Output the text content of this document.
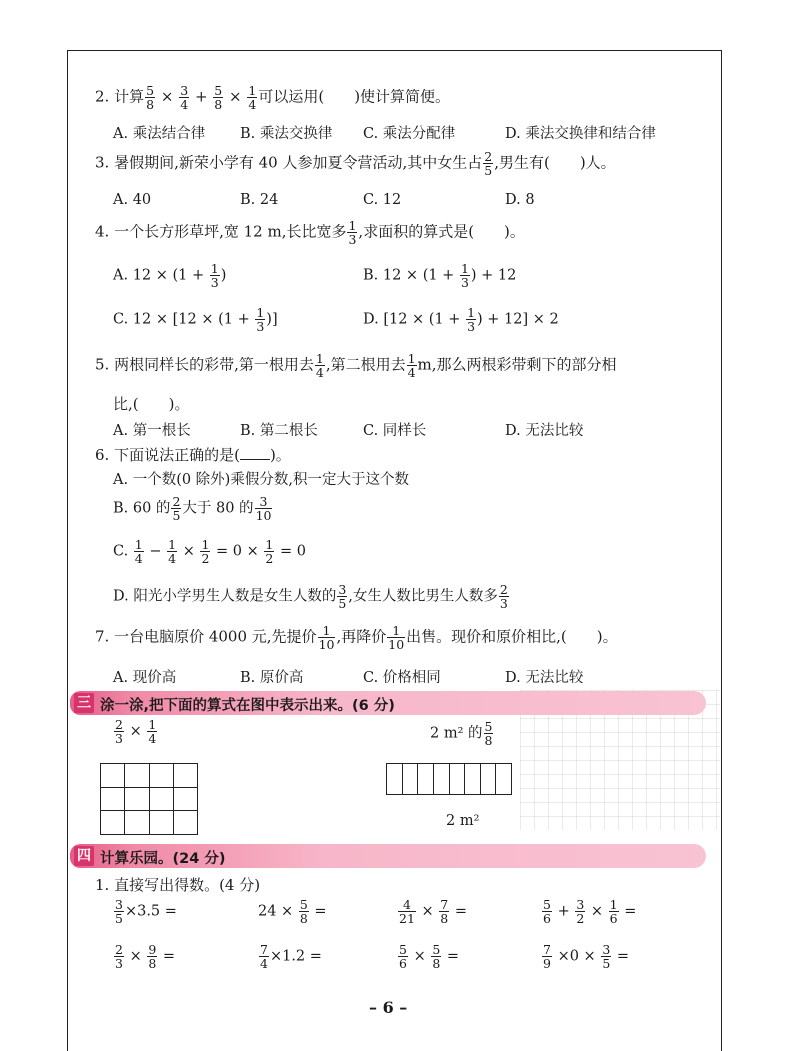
2. 计算 $\frac{5}{8} \times \frac{3}{4} + \frac{5}{8} \times \frac{1}{4}$ 可以运用( )使计算简便。
A. 乘法结合律 B. 乘法交换律 C. 乘法分配律	D. 乘法交换律和结合律
3. 暑假期间,新荣小学有 40 人参加夏令营活动,其中女生占 $\frac{2}{5}$ ,男生有( )人。
A. 40	B. 24	C. 12	D. 8
4. 一个长方形草坪,宽 12 m,长比宽多 $\frac{1}{3}$ ,求面积的算式是( )。
A. $12 \times (1 + \frac{1}{3}$ )	B. $12 \times (1 + \frac{1}{3}$ ) + 12
C. $12 \times [12 \times (1 + \frac{1}{3}$ )]	D. [$12 \times (1 + \frac{1}{3}$ ) + 12] × 2
5. 两根同样长的彩带,第一根用去 $\frac{1}{4}$ ,第二根用去 $\frac{1}{4} m$,那么两根彩带剩下的部分相
比,( )。
A. 第一根长	B. 第二根长	C. 同样长	D. 无法比较
6. 下面说法正确的是( )。
A. 一个数(0 除外)乘假分数,积一定大于这个数
B. 60 的 $\frac{2}{5}$ 大于 80 的 $\frac{3}{10}$
C. $\frac{1}{4} - \frac{1}{4} \times \frac{1}{2} = 0 \times \frac{1}{2} = 0$
D. 阳光小学男生人数是女生人数的 $\frac{3}{5}$ ,女生人数比男生人数多 $\frac{2}{3}$
7. 一台电脑原价 4000 元,先提价 $\frac{1}{10}$ ,再降价 $\frac{1}{10}$ 出售。现价和原价相比,( )。
A. 现价高	B. 原价高	C. 价格相同	D. 无法比较
三 涂一涂,把下面的算式在图中表示出来。(6 分)
$\frac{2}{3} \times \frac{1}{4}$

				2 m² 的 $\frac{5}{8}$

2 m²
四 计算乐园。(24 分)
1. 直接写出得数。(4 分)
$\frac{3}{5} \times 3.5$ =	$24 \times \frac{5}{8}$ =	$\frac{4}{21} \times \frac{7}{8}$ =	$\frac{5}{6} + \frac{3}{2} \times \frac{1}{6}$ =
$\frac{2}{3} \times \frac{9}{8}$ =	$\frac{7}{4} \times 1.2$ =	$\frac{5}{6} \times \frac{5}{8}$ =	$\frac{7}{9} \times 0 \times \frac{3}{5}$ =
– 6 –
